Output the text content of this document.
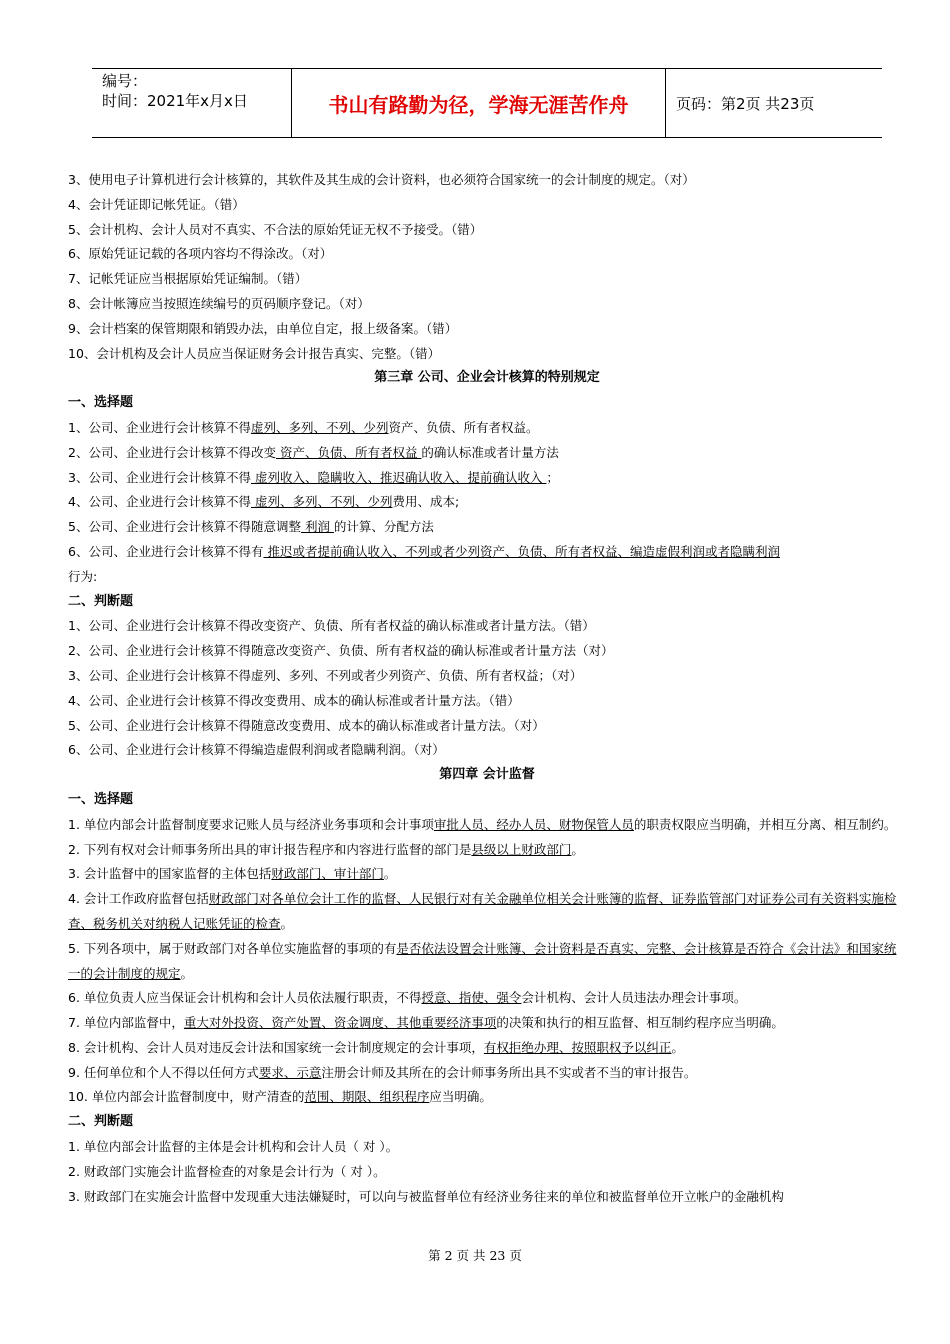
编号：
时间：2021年x月x日	书山有路勤为径，学海无涯苦作舟	页码：第2页 共23页
3、使用电子计算机进行会计核算的，其软件及其生成的会计资料，也必须符合国家统一的会计制度的规定。（对）
4、会计凭证即记帐凭证。（错）
5、会计机构、会计人员对不真实、不合法的原始凭证无权不予接受。（错）
6、原始凭证记载的各项内容均不得涂改。（对）
7、记帐凭证应当根据原始凭证编制。（错）
8、会计帐簿应当按照连续编号的页码顺序登记。（对）
9、会计档案的保管期限和销毁办法，由单位自定，报上级备案。（错）
10、会计机构及会计人员应当保证财务会计报告真实、完整。（错）
第三章 公司、企业会计核算的特别规定
一、选择题
1、公司、企业进行会计核算不得虚列、多列、不列、少列资产、负债、所有者权益。
2、公司、企业进行会计核算不得改变 资产、负债、所有者权益 的确认标准或者计量方法
3、公司、企业进行会计核算不得 虚列收入、隐瞒收入、推迟确认收入、提前确认收入 ；
4、公司、企业进行会计核算不得 虚列、多列、不列、少列费用、成本;
5、公司、企业进行会计核算不得随意调整 利润 的计算、分配方法
6、公司、企业进行会计核算不得有 推迟或者提前确认收入、不列或者少列资产、负债、所有者权益、编造虚假利润或者隐瞒利润
行为:
二、判断题
1、公司、企业进行会计核算不得改变资产、负债、所有者权益的确认标准或者计量方法。（错）
2、公司、企业进行会计核算不得随意改变资产、负债、所有者权益的确认标准或者计量方法（对）
3、公司、企业进行会计核算不得虚列、多列、不列或者少列资产、负债、所有者权益；（对）
4、公司、企业进行会计核算不得改变费用、成本的确认标准或者计量方法。（错）
5、公司、企业进行会计核算不得随意改变费用、成本的确认标准或者计量方法。（对）
6、公司、企业进行会计核算不得编造虚假利润或者隐瞒利润。（对）
第四章 会计监督
一、选择题
1. 单位内部会计监督制度要求记账人员与经济业务事项和会计事项审批人员、经办人员、财物保管人员的职责权限应当明确，并相互分离、相互制约。
2. 下列有权对会计师事务所出具的审计报告程序和内容进行监督的部门是县级以上财政部门。
3. 会计监督中的国家监督的主体包括财政部门、审计部门。
4. 会计工作政府监督包括财政部门对各单位会计工作的监督、人民银行对有关金融单位相关会计账簿的监督、证券监管部门对证券公司有关资料实施检查、税务机关对纳税人记账凭证的检查。
5. 下列各项中，属于财政部门对各单位实施监督的事项的有是否依法设置会计账簿、会计资料是否真实、完整、会计核算是否符合《会计法》和国家统一的会计制度的规定。
6. 单位负责人应当保证会计机构和会计人员依法履行职责，不得授意、指使、强令会计机构、会计人员违法办理会计事项。
7. 单位内部监督中，重大对外投资、资产处置、资金调度、其他重要经济事项的决策和执行的相互监督、相互制约程序应当明确。
8. 会计机构、会计人员对违反会计法和国家统一会计制度规定的会计事项，有权拒绝办理、按照职权予以纠正。
9. 任何单位和个人不得以任何方式要求、示意注册会计师及其所在的会计师事务所出具不实或者不当的审计报告。
10. 单位内部会计监督制度中，财产清查的范围、期限、组织程序应当明确。
二、判断题
1. 单位内部会计监督的主体是会计机构和会计人员（ 对 ）。
2. 财政部门实施会计监督检查的对象是会计行为（ 对 ）。
3. 财政部门在实施会计监督中发现重大违法嫌疑时，可以向与被监督单位有经济业务往来的单位和被监督单位开立帐户的金融机构
第 2 页 共 23 页
